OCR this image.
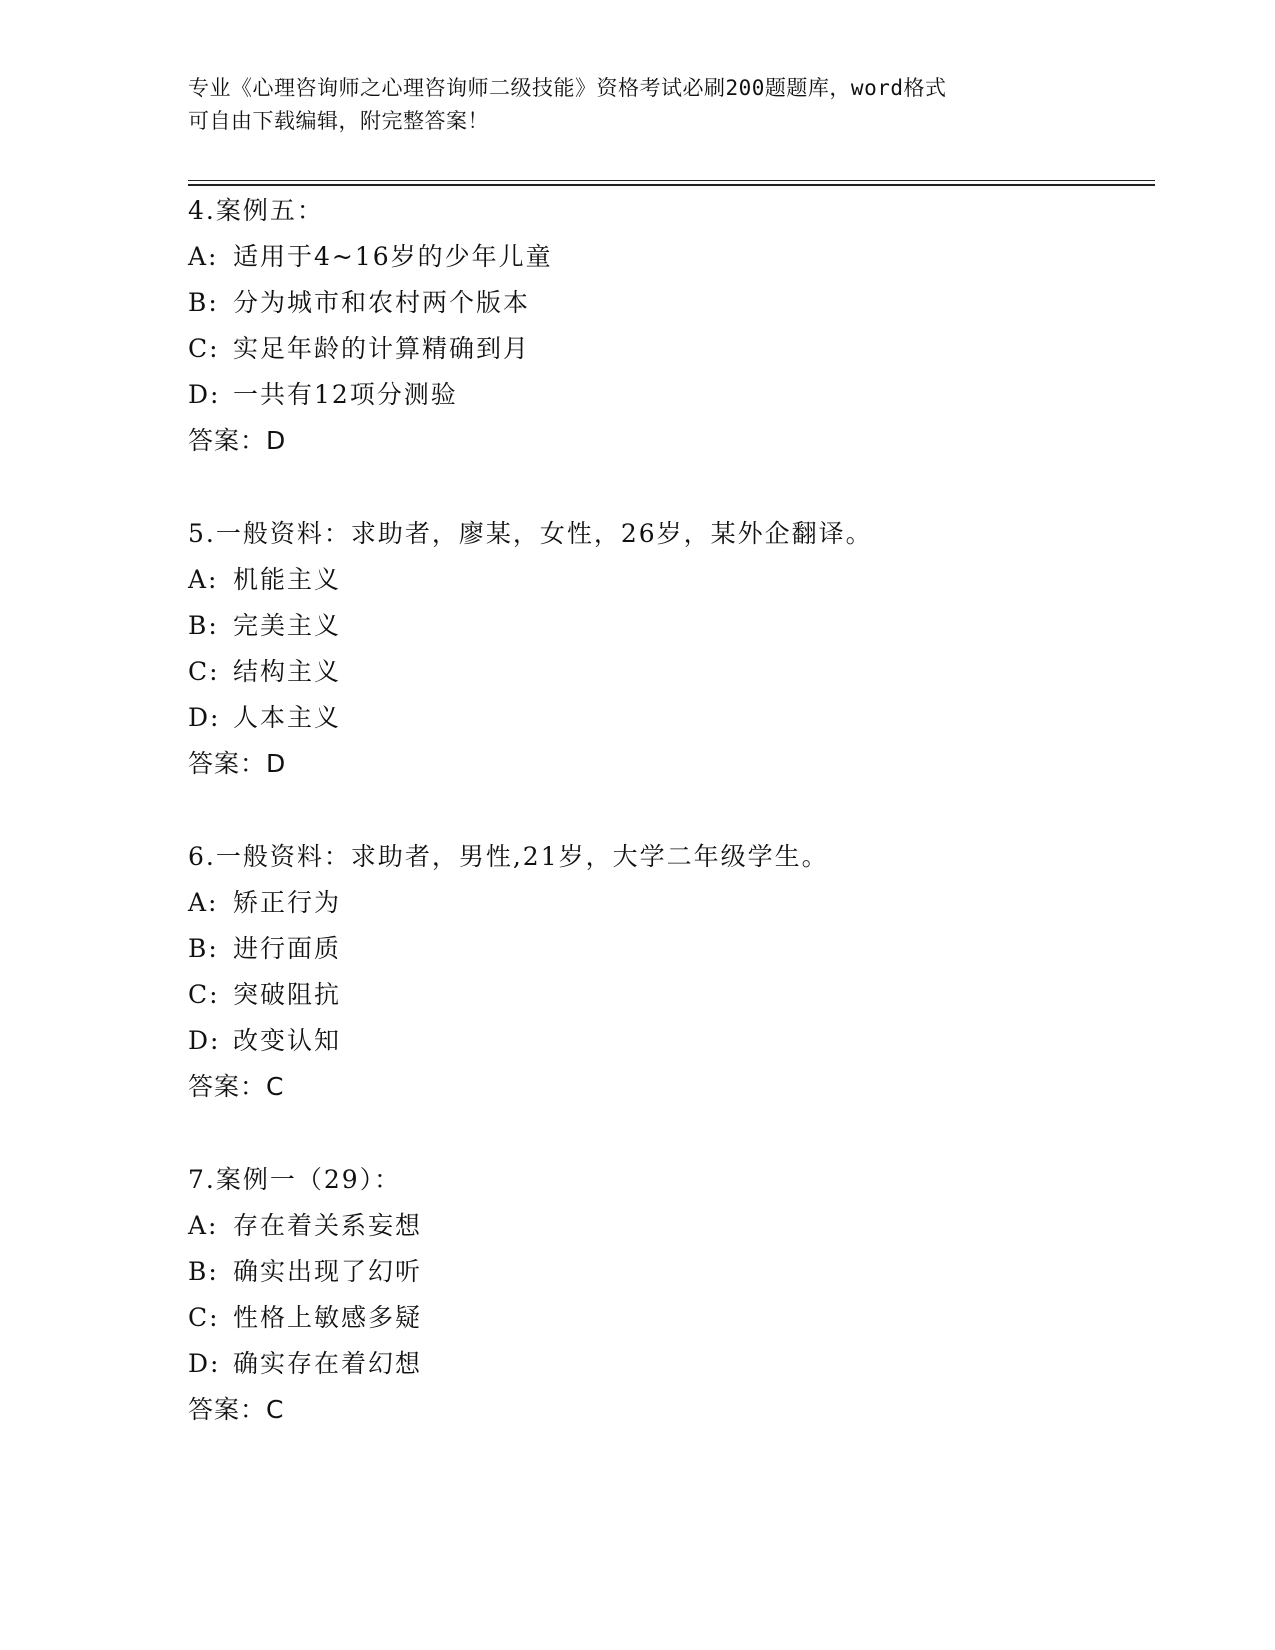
专业《心理咨询师之心理咨询师二级技能》资格考试必刷200题题库，word格式
可自由下载编辑，附完整答案！
4.案例五：
A: 适用于4~16岁的少年儿童
B: 分为城市和农村两个版本
C: 实足年龄的计算精确到月
D: 一共有12项分测验
答案：D
5.一般资料：求助者，廖某，女性，26岁，某外企翻译。
A: 机能主义
B: 完美主义
C: 结构主义
D: 人本主义
答案：D
6.一般资料：求助者，男性,21岁，大学二年级学生。
A: 矫正行为
B: 进行面质
C: 突破阻抗
D: 改变认知
答案：C
7.案例一（29）：
A: 存在着关系妄想
B: 确实出现了幻听
C: 性格上敏感多疑
D: 确实存在着幻想
答案：C
